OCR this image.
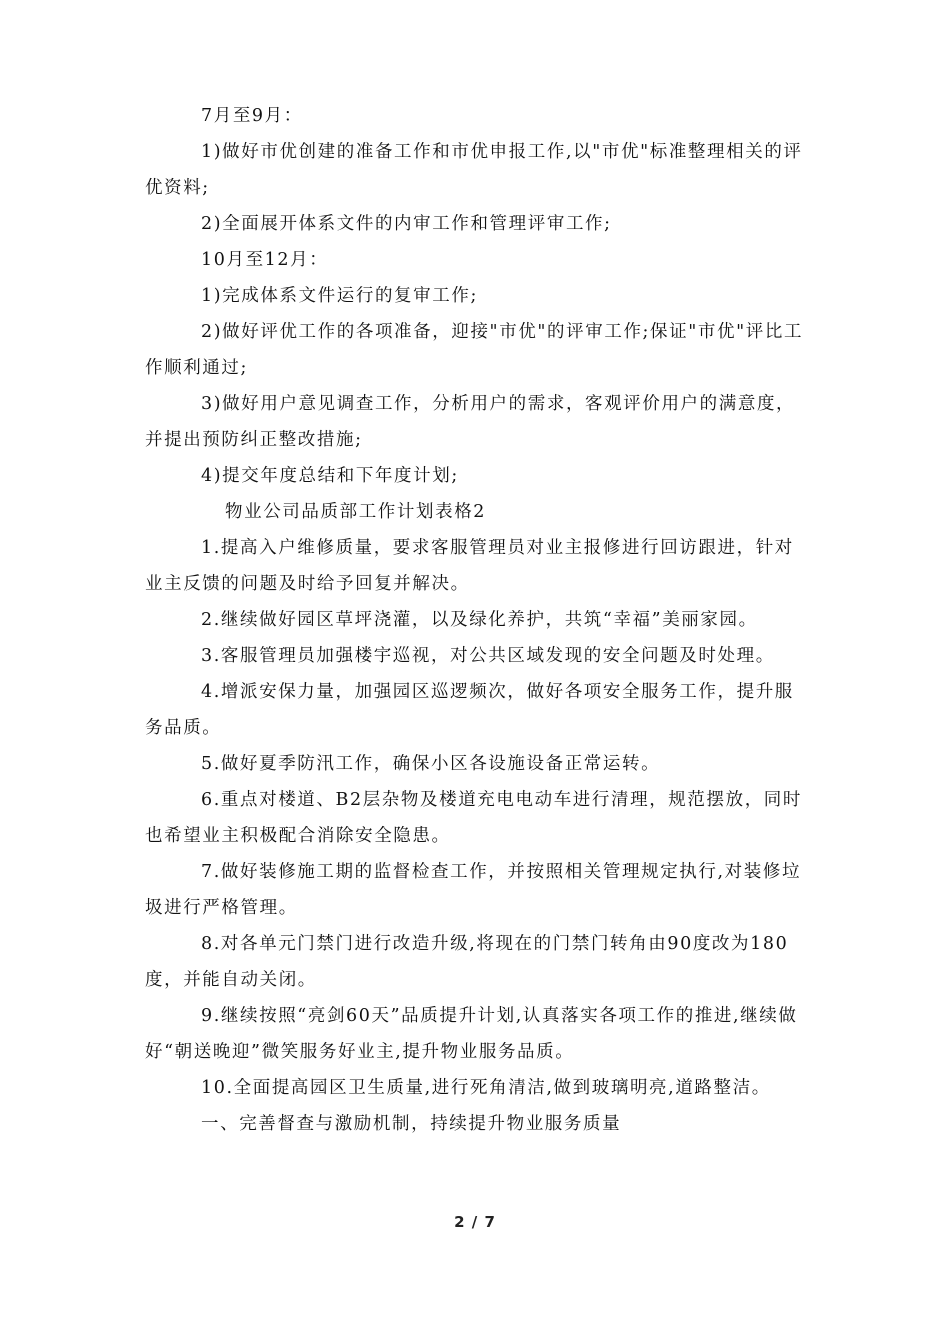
7月至9月：

1)做好市优创建的准备工作和市优申报工作,以"市优"标准整理相关的评优资料;

2)全面展开体系文件的内审工作和管理评审工作;

10月至12月：

1)完成体系文件运行的复审工作;

2)做好评优工作的各项准备，迎接"市优"的评审工作;保证"市优"评比工作顺利通过;

3)做好用户意见调查工作，分析用户的需求，客观评价用户的满意度，并提出预防纠正整改措施;

4)提交年度总结和下年度计划;

物业公司品质部工作计划表格2

1.提高入户维修质量，要求客服管理员对业主报修进行回访跟进，针对业主反馈的问题及时给予回复并解决。

2.继续做好园区草坪浇灌，以及绿化养护，共筑“幸福”美丽家园。

3.客服管理员加强楼宇巡视，对公共区域发现的安全问题及时处理。

4.增派安保力量，加强园区巡逻频次，做好各项安全服务工作，提升服务品质。

5.做好夏季防汛工作，确保小区各设施设备正常运转。

6.重点对楼道、B2层杂物及楼道充电电动车进行清理，规范摆放，同时也希望业主积极配合消除安全隐患。

7.做好装修施工期的监督检查工作，并按照相关管理规定执行,对装修垃圾进行严格管理。

8.对各单元门禁门进行改造升级,将现在的门禁门转角由90度改为180度，并能自动关闭。

9.继续按照“亮剑60天”品质提升计划,认真落实各项工作的推进,继续做好“朝送晚迎”微笑服务好业主,提升物业服务品质。

10.全面提高园区卫生质量,进行死角清洁,做到玻璃明亮,道路整洁。

一、完善督查与激励机制，持续提升物业服务质量

2 / 7
